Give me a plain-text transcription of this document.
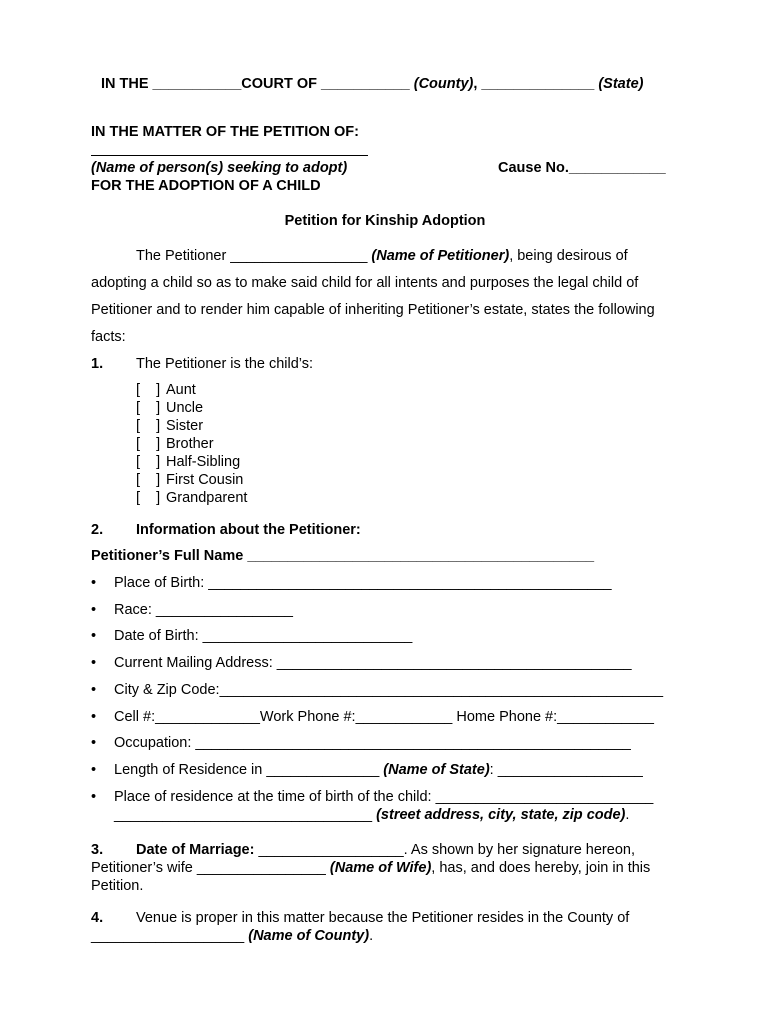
IN THE ___________COURT OF ___________ (County), ______________ (State)
IN THE MATTER OF THE PETITION OF:
(Name of person(s) seeking to adopt)	Cause No.____________
FOR THE ADOPTION OF A CHILD
Petition for Kinship Adoption
The Petitioner _________________ (Name of Petitioner), being desirous of
adopting a child so as to make said child for all intents and purposes the legal child of
Petitioner and to render him capable of inheriting Petitioner’s estate, states the following
facts:
1. The Petitioner is the child’s:
[    ] Aunt
[    ] Uncle
[    ] Sister
[    ] Brother
[    ] Half-Sibling
[    ] First Cousin
[    ] Grandparent
2. Information about the Petitioner:
Petitioner’s Full Name ___________________________________________
• Place of Birth: __________________________________________________
• Race: _________________
• Date of Birth: __________________________
• Current Mailing Address: ____________________________________________
• City & Zip Code:_______________________________________________________
• Cell #:_____________Work Phone #:____________ Home Phone #:____________
• Occupation: ______________________________________________________
• Length of Residence in ______________ (Name of State): __________________
• Place of residence at the time of birth of the child: ___________________________
________________________________ (street address, city, state, zip code).
3. Date of Marriage: __________________. As shown by her signature hereon,
Petitioner’s wife ________________ (Name of Wife), has, and does hereby, join in this
Petition.
4. Venue is proper in this matter because the Petitioner resides in the County of
___________________ (Name of County).
